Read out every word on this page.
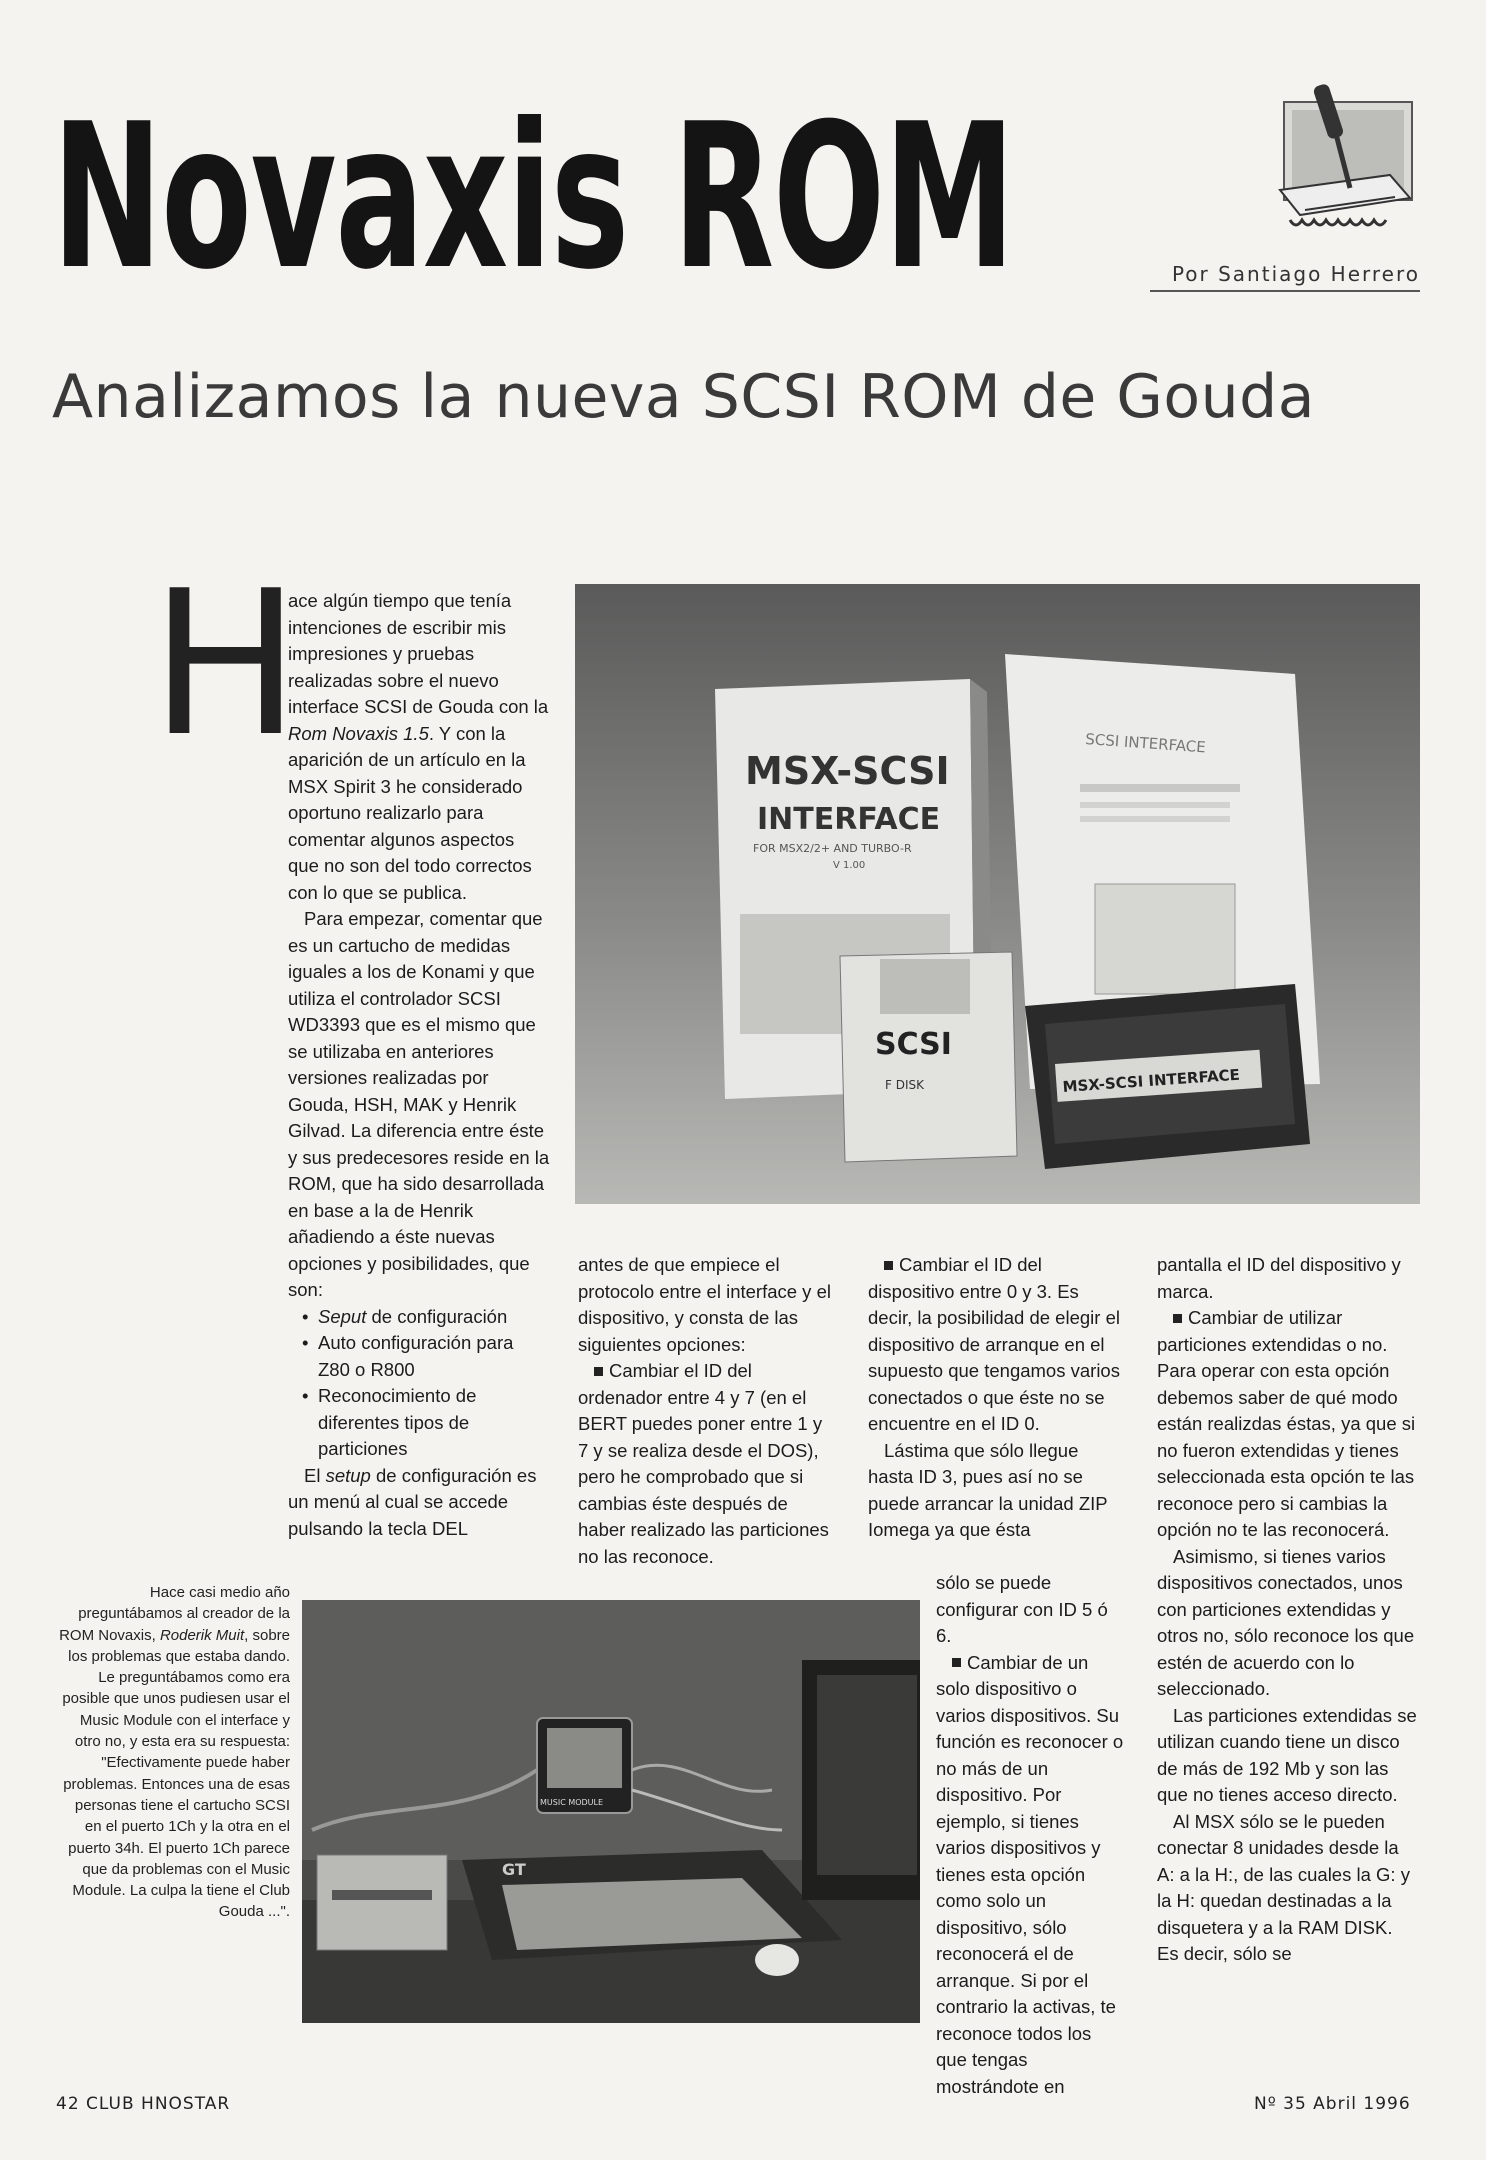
Novaxis ROM	Por Santiago Herrero
Analizamos la nueva SCSI ROM de Gouda
H

ace algún tiempo que tenía intenciones de escribir mis impresiones y pruebas realizadas sobre el nuevo interface SCSI de Gouda con la Rom Novaxis 1.5. Y con la aparición de un artículo en la MSX Spirit 3 he considerado oportuno realizarlo para comentar algunos aspectos que no son del todo correctos con lo que se publica.

Para empezar, comentar que es un cartucho de medidas iguales a los de Konami y que utiliza el controlador SCSI WD3393 que es el mismo que se utilizaba en anteriores versiones realizadas por Gouda, HSH, MAK y Henrik Gilvad. La diferencia entre éste y sus predecesores reside en la ROM, que ha sido desarrollada en base a la de Henrik añadiendo a éste nuevas opciones y posibilidades, que son:

• Seput de configuración
• Auto configuración para Z80 o R800
• Reconocimiento de diferentes tipos de particiones

El setup de configuración es un menú al cual se accede pulsando la tecla DEL

MSX-SCSI
INTERFACE
FOR MSX2/2+ AND TURBO-R
V 1.00
SCSI INTERFACE
SCSI
F DISK	MSX-SCSI INTERFACE

antes de que empiece el protocolo entre el interface y el dispositivo, y consta de las siguientes opciones:

Cambiar el ID del ordenador entre 4 y 7 (en el BERT puedes poner entre 1 y 7 y se realiza desde el DOS), pero he comprobado que si cambias éste después de haber realizado las particiones no las reconoce.

Cambiar el ID del dispositivo entre 0 y 3. Es decir, la posibilidad de elegir el dispositivo de arranque en el supuesto que tengamos varios conectados o que éste no se encuentre en el ID 0.

Lástima que sólo llegue hasta ID 3, pues así no se puede arrancar la unidad ZIP Iomega ya que ésta

sólo se puede configurar con ID 5 ó 6.

Cambiar de un solo dispositivo o varios dispositivos. Su función es reconocer o no más de un dispositivo. Por ejemplo, si tienes varios dispositivos y tienes esta opción como solo un dispositivo, sólo reconocerá el de arranque. Si por el contrario la activas, te reconoce todos los que tengas mostrándote en

pantalla el ID del dispositivo y marca.

Cambiar de utilizar particiones extendidas o no. Para operar con esta opción debemos saber de qué modo están realizdas éstas, ya que si no fueron extendidas y tienes seleccionada esta opción te las reconoce pero si cambias la opción no te las reconocerá.

Asimismo, si tienes varios dispositivos conectados, unos con particiones extendidas y otros no, sólo reconoce los que estén de acuerdo con lo seleccionado.

Las particiones extendidas se utilizan cuando tiene un disco de más de 192 Mb y son las que no tienes acceso directo.

Al MSX sólo se le pueden conectar 8 unidades desde la A: a la H:, de las cuales la G: y la H: quedan destinadas a la disquetera y a la RAM DISK. Es decir, sólo se

MUSIC MODULE
GT
Hace casi medio año preguntábamos al creador de la ROM Novaxis, Roderik Muit, sobre los problemas que estaba dando. Le preguntábamos como era posible que unos pudiesen usar el Music Module con el interface y otro no, y esta era su respuesta: "Efectivamente puede haber problemas. Entonces una de esas personas tiene el cartucho SCSI en el puerto 1Ch y la otra en el puerto 34h. El puerto 1Ch parece que da problemas con el Music Module. La culpa la tiene el Club Gouda ...".
42 CLUB HNOSTAR	Nº 35 Abril 1996
